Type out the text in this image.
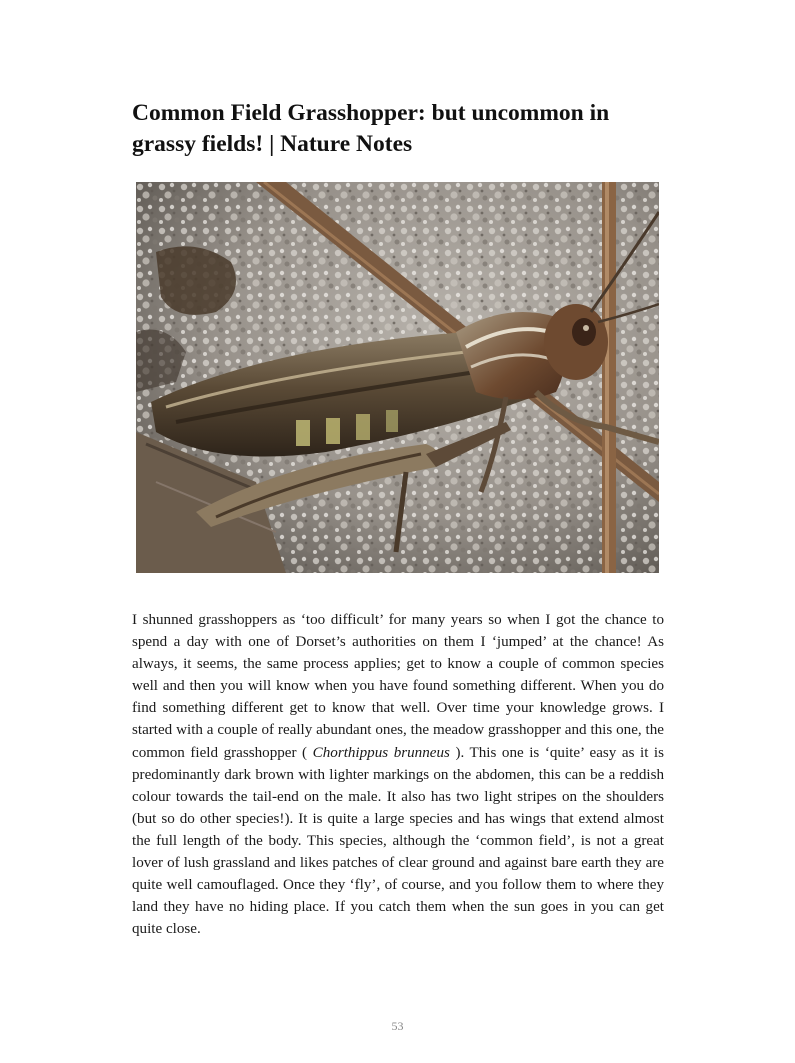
Common Field Grasshopper: but uncommon in grassy fields! | Nature Notes

I shunned grasshoppers as ‘too difficult’ for many years so when I got the chance to spend a day with one of Dorset’s authorities on them I ‘jumped’ at the chance! As always, it seems, the same process applies; get to know a couple of common species well and then you will know when you have found something different. When you do find something different get to know that well. Over time your knowledge grows. I started with a couple of really abundant ones, the meadow grasshopper and this one, the common field grasshopper ( Chorthippus brunneus ). This one is ‘quite’ easy as it is predominantly dark brown with lighter markings on the abdomen, this can be a reddish colour towards the tail-end on the male. It also has two light stripes on the shoulders (but so do other species!). It is quite a large species and has wings that extend almost the full length of the body. This species, although the ‘common field’, is not a great lover of lush grassland and likes patches of clear ground and against bare earth they are quite well camouflaged. Once they ‘fly’, of course, and you follow them to where they land they have no hiding place. If you catch them when the sun goes in you can get quite close.

53
